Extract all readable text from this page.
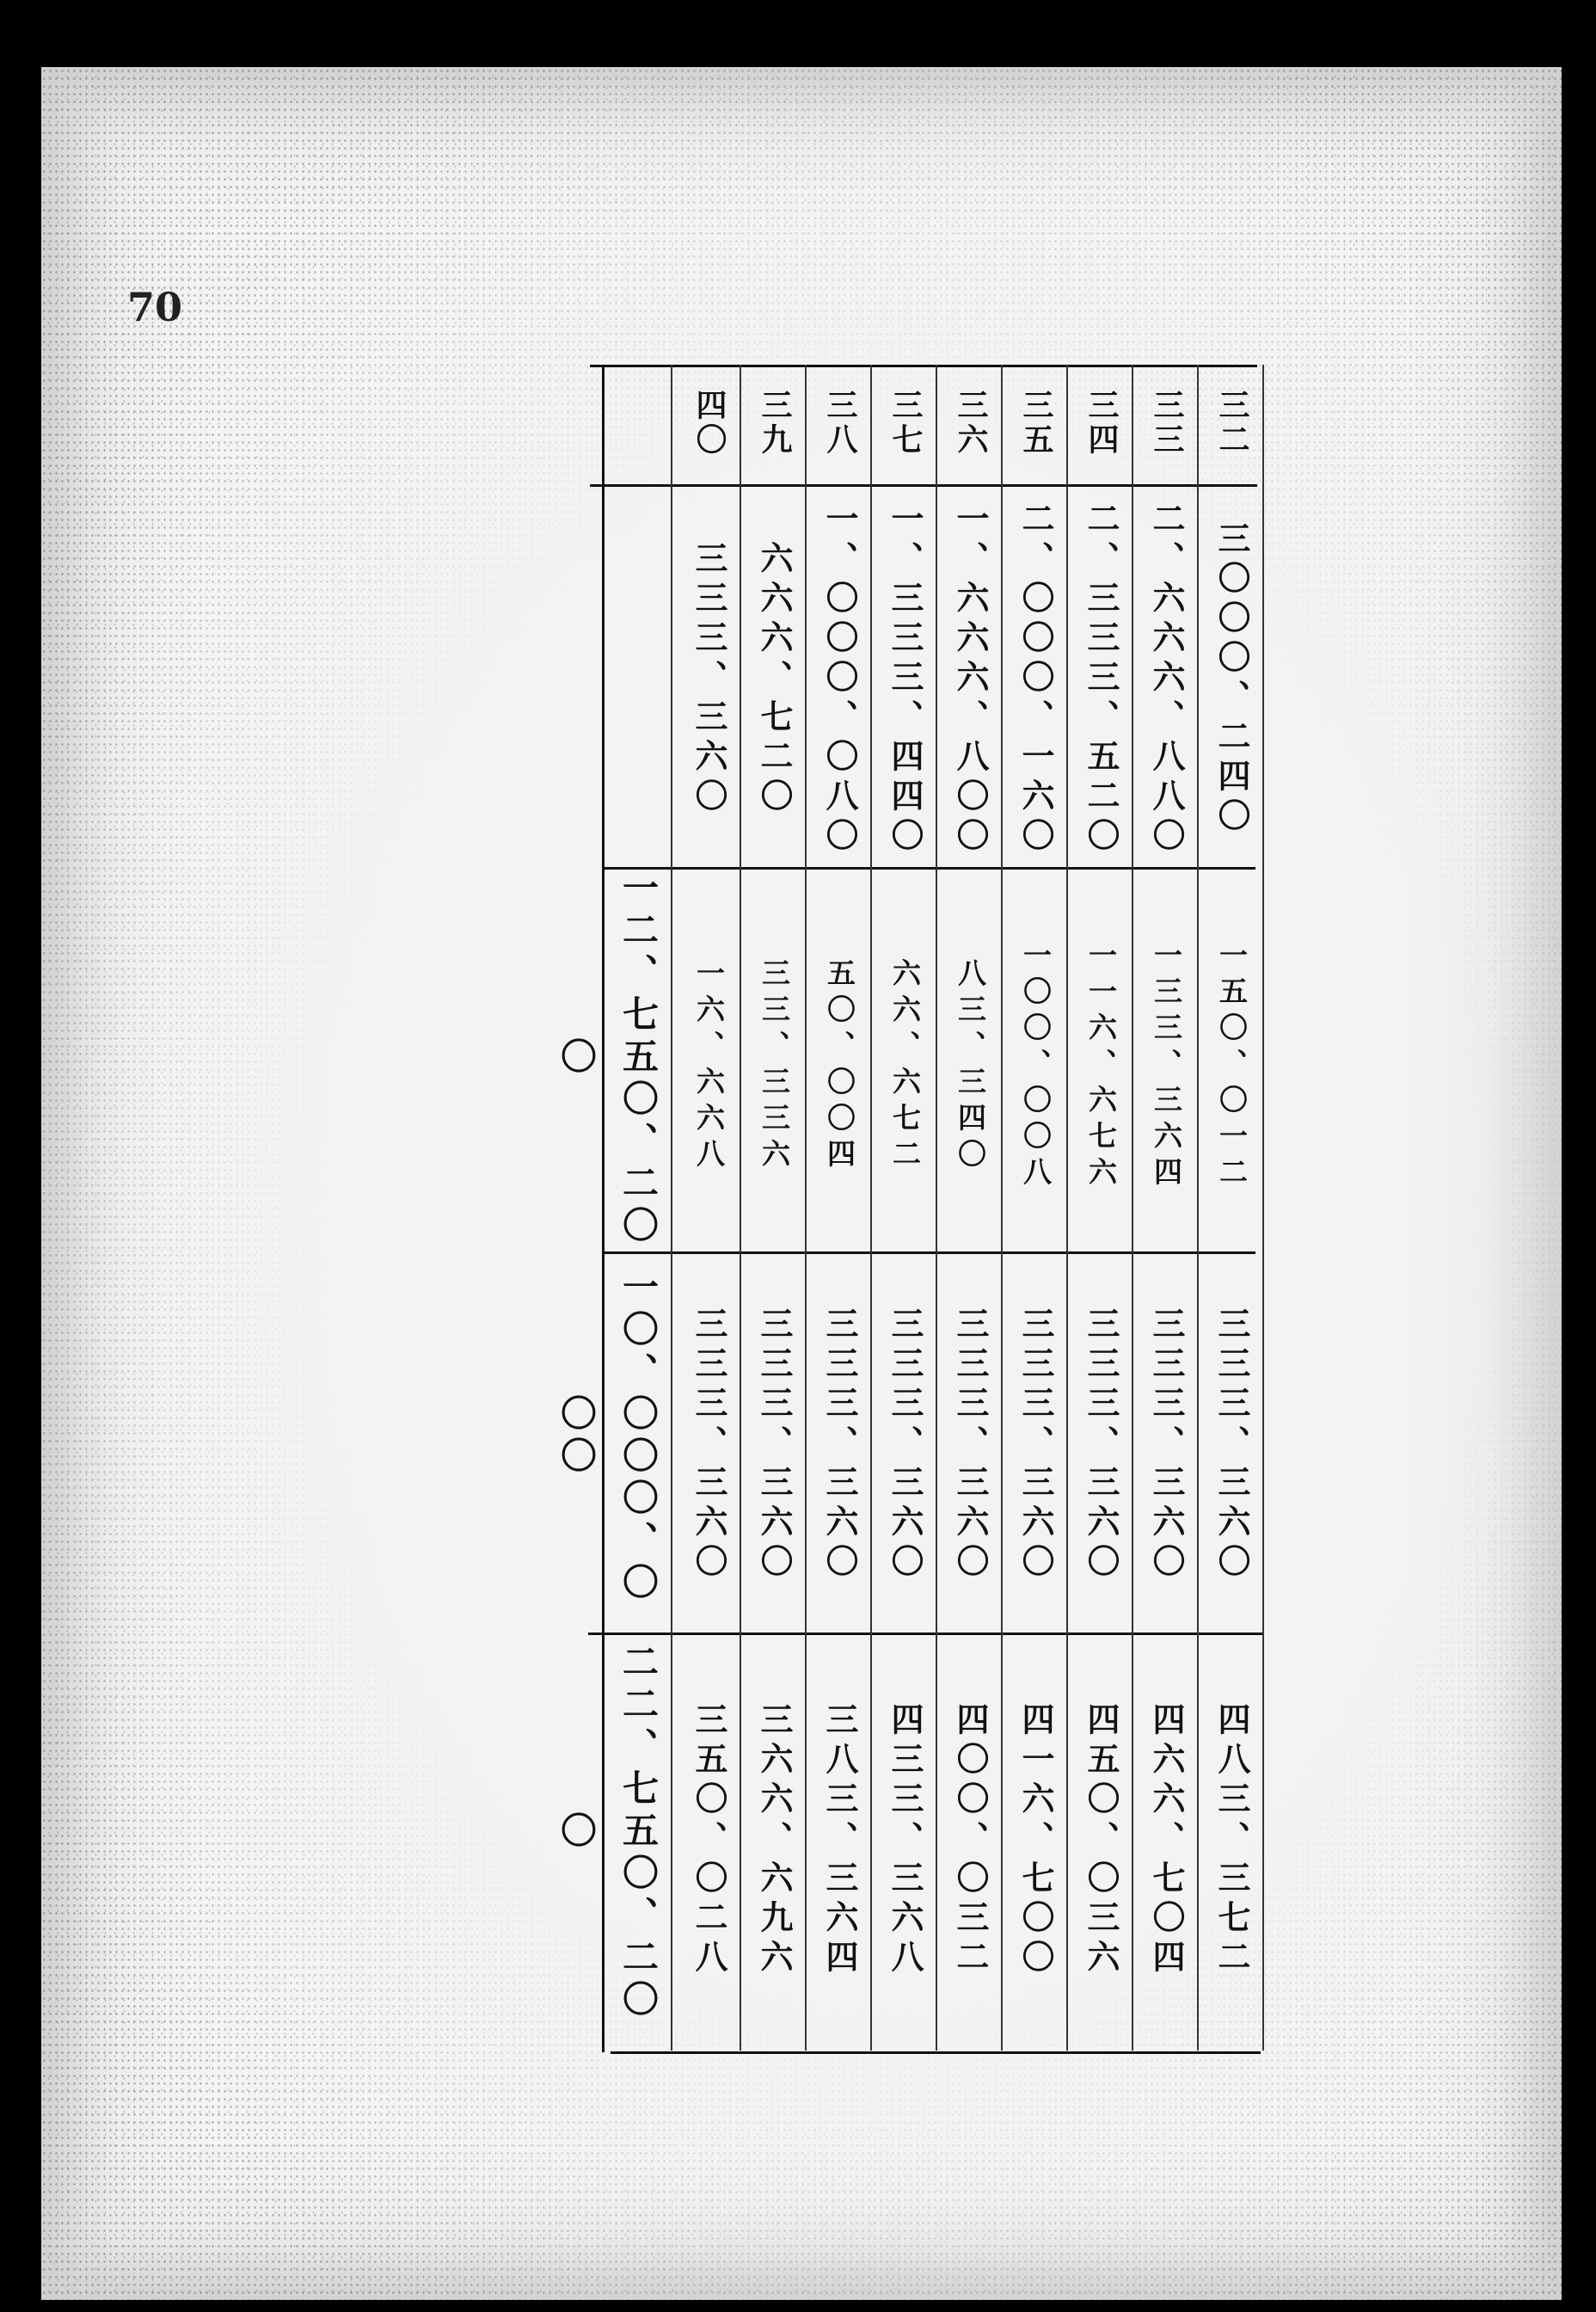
70
三二
三〇〇〇、二四〇
一五〇、〇一二
三三三、三六〇
四八三、三七二
三三
二、六六六、八八〇
一三三、三六四
三三三、三六〇
四六六、七〇四
三四
二、三三三、五二〇
一一六、六七六
三三三、三六〇
四五〇、〇三六
三五
二、〇〇〇、一六〇
一〇〇、〇〇八
三三三、三六〇
四一六、七〇〇
三六
一、六六六、八〇〇
八三、三四〇
三三三、三六〇
四〇〇、〇三二
三七
一、三三三、四四〇
六六、六七二
三三三、三六〇
四三三、三六八
三八
一、〇〇〇、〇八〇
五〇、〇〇四
三三三、三六〇
三八三、三六四
三九
六六六、七二〇
三三、三三六
三三三、三六〇
三六六、六九六
四〇
三三三、三六〇
一六、六六八
三三三、三六〇
三五〇、〇二八
一二、七五〇、二〇〇
一〇、〇〇〇、〇〇〇
二二、七五〇、二〇〇
